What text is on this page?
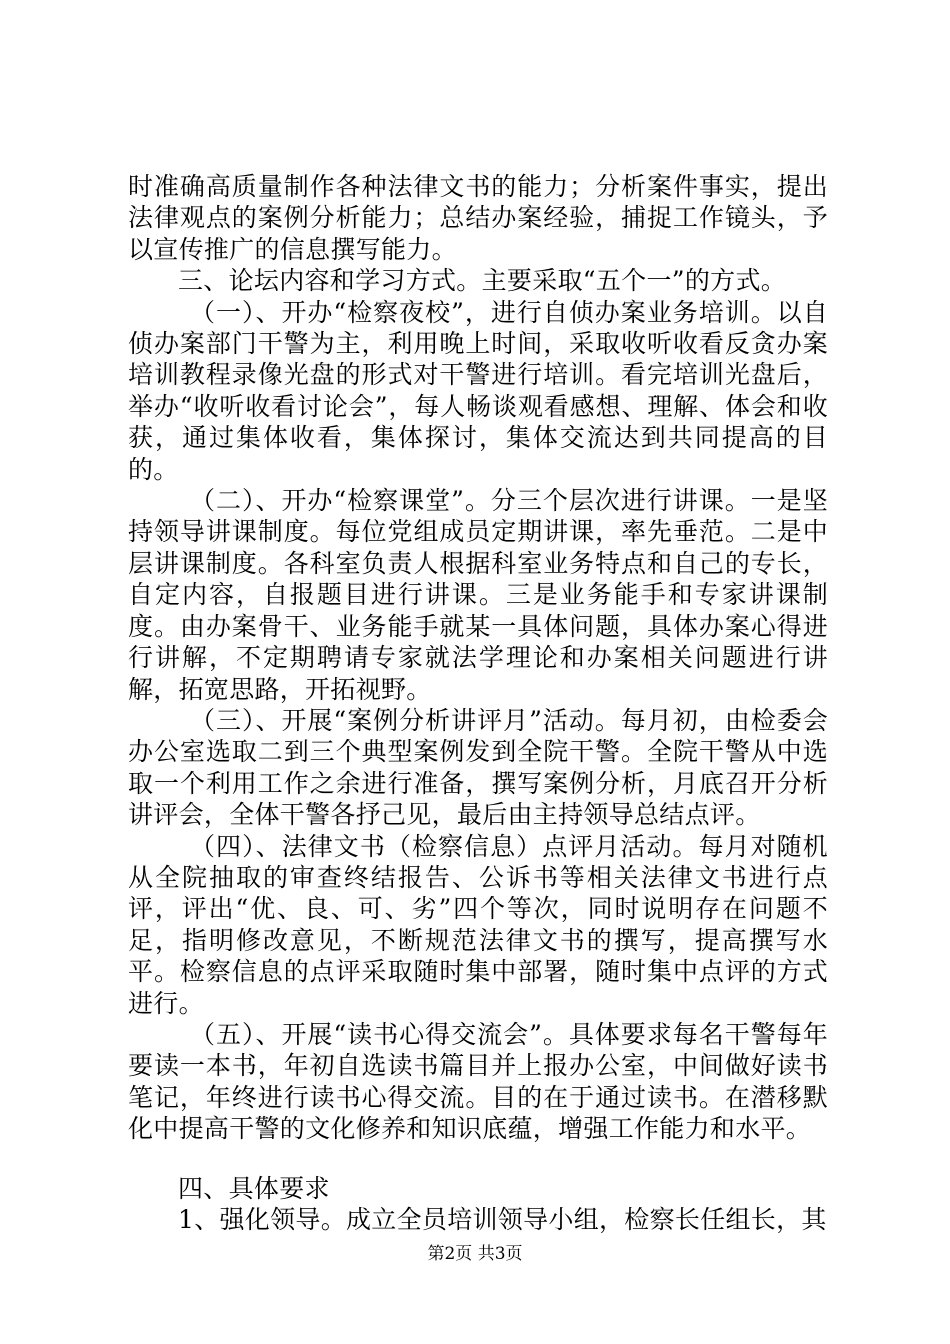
时准确高质量制作各种法律文书的能力；分析案件事实，提出法律观点的案例分析能力；总结办案经验，捕捉工作镜头，予以宣传推广的信息撰写能力。

三、论坛内容和学习方式。主要采取“五个一”的方式。

（一）、开办“检察夜校”，进行自侦办案业务培训。以自侦办案部门干警为主，利用晚上时间，采取收听收看反贪办案培训教程录像光盘的形式对干警进行培训。看完培训光盘后，举办“收听收看讨论会”，每人畅谈观看感想、理解、体会和收获，通过集体收看，集体探讨，集体交流达到共同提高的目的。

（二）、开办“检察课堂”。分三个层次进行讲课。一是坚持领导讲课制度。每位党组成员定期讲课，率先垂范。二是中层讲课制度。各科室负责人根据科室业务特点和自己的专长，自定内容，自报题目进行讲课。三是业务能手和专家讲课制度。由办案骨干、业务能手就某一具体问题，具体办案心得进行讲解，不定期聘请专家就法学理论和办案相关问题进行讲解，拓宽思路，开拓视野。

（三）、开展“案例分析讲评月”活动。每月初，由检委会办公室选取二到三个典型案例发到全院干警。全院干警从中选取一个利用工作之余进行准备，撰写案例分析，月底召开分析讲评会，全体干警各抒己见，最后由主持领导总结点评。

（四）、法律文书（检察信息）点评月活动。每月对随机从全院抽取的审查终结报告、公诉书等相关法律文书进行点评，评出“优、良、可、劣”四个等次，同时说明存在问题不足，指明修改意见，不断规范法律文书的撰写，提高撰写水平。检察信息的点评采取随时集中部署，随时集中点评的方式进行。

（五）、开展“读书心得交流会”。具体要求每名干警每年要读一本书，年初自选读书篇目并上报办公室，中间做好读书笔记，年终进行读书心得交流。目的在于通过读书。在潜移默化中提高干警的文化修养和知识底蕴，增强工作能力和水平。

四、具体要求

1、强化领导。成立全员培训领导小组，检察长任组长，其

第2页 共3页
